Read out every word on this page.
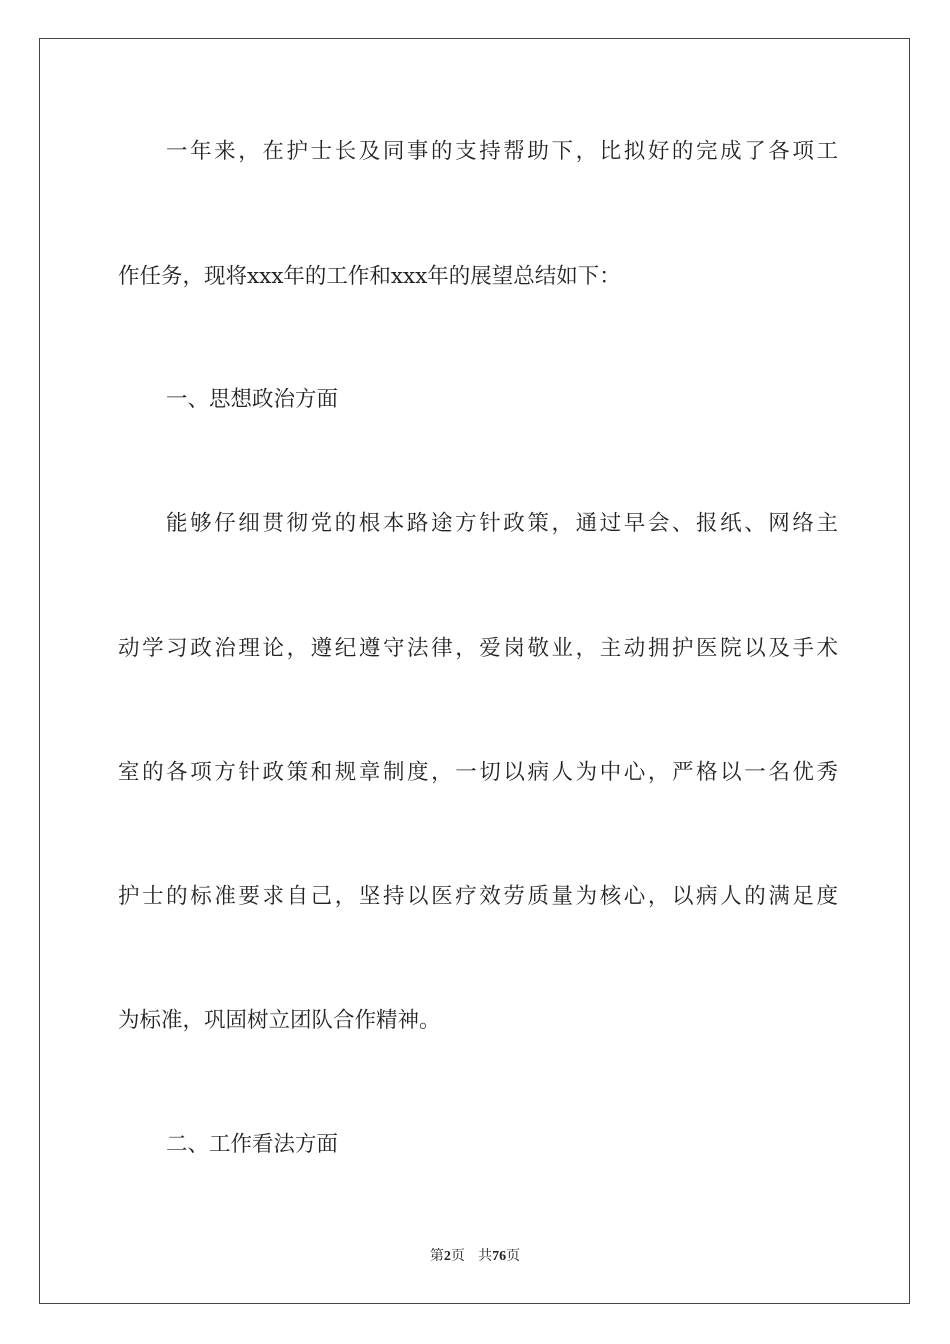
一年来，在护士长及同事的支持帮助下，比拟好的完成了各项工
作任务，现将xxx年的工作和xxx年的展望总结如下：
一、思想政治方面
能够仔细贯彻党的根本路途方针政策，通过早会、报纸、网络主
动学习政治理论，遵纪遵守法律，爱岗敬业，主动拥护医院以及手术
室的各项方针政策和规章制度，一切以病人为中心，严格以一名优秀
护士的标准要求自己，坚持以医疗效劳质量为核心，以病人的满足度
为标准，巩固树立团队合作精神。
二、工作看法方面
第2页 共76页
